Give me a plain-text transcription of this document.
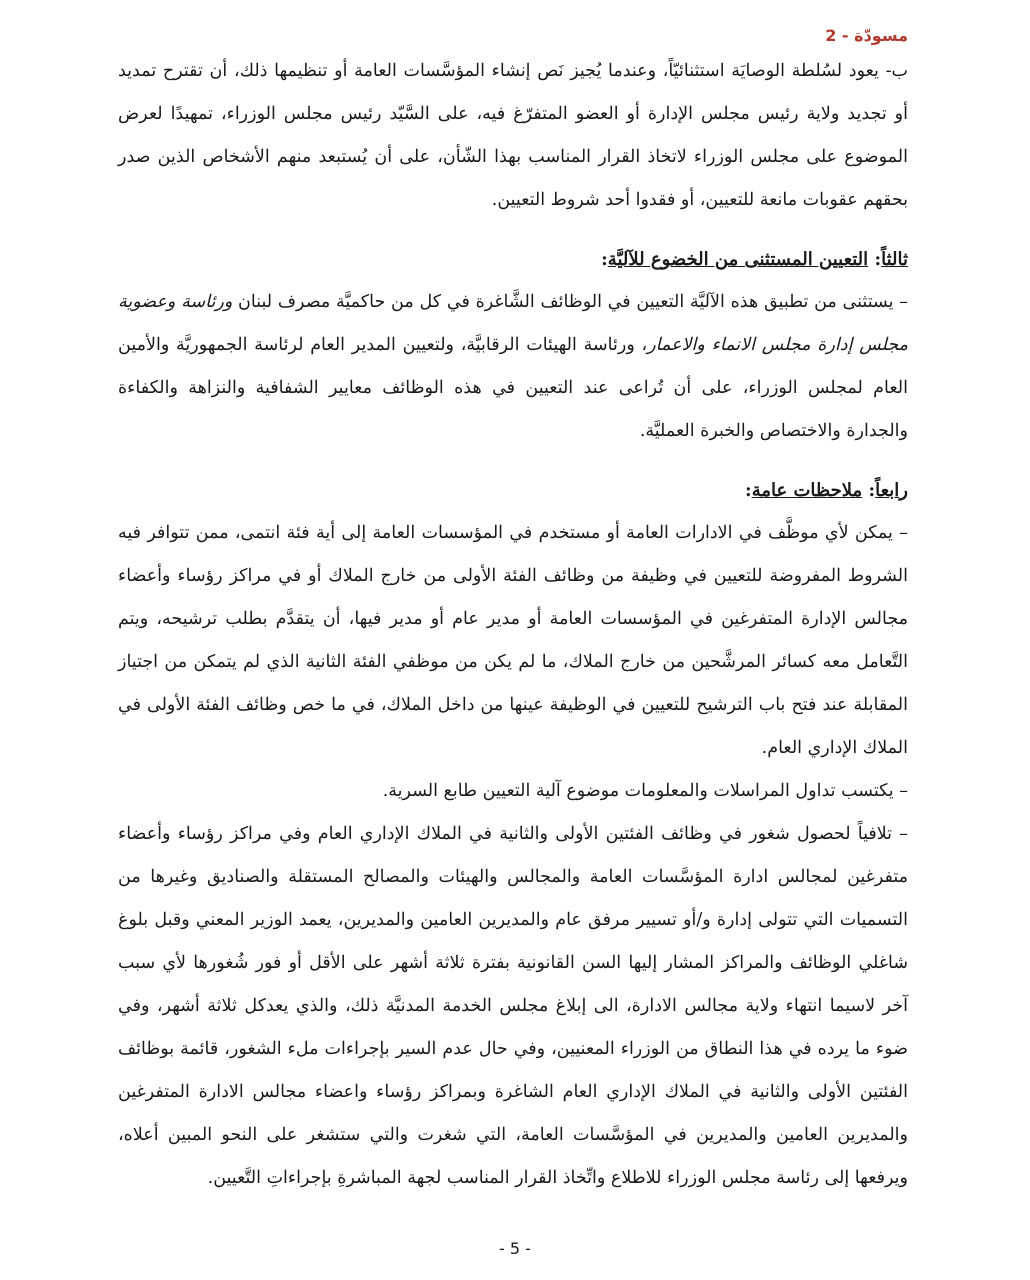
مسودّة - 2

ب- يعود لسُلطة الوصايَة استثنائيّاً، وعندما يُجيز نَص إنشاء المؤسَّسات العامة أو تنظيمها ذلك، أن تقترح تمديد أو تجديد ولاية رئيس مجلس الإدارة أو العضو المتفرّغ فيه، على السَّيّد رئيس مجلس الوزراء، تمهيدًا لعرض الموضوع على مجلس الوزراء لاتخاذ القرار المناسب بهذا الشّأن، على أن يُستبعد منهم الأشخاص الذين صدر بحقهم عقوبات مانعة للتعيين، أو فقدوا أحد شروط التعيين.

ثالثاً: التعيين المستثنى من الخضوع للآليَّة:

– يستثنى من تطبيق هذه الآليَّة التعيين في الوظائف الشَّاغرة في كل من حاكميَّة مصرف لبنان ورئاسة وعضوية مجلس إدارة مجلس الانماء والاعمار، ورئاسة الهيئات الرقابيَّة، ولتعيين المدير العام لرئاسة الجمهوريَّة والأمين العام لمجلس الوزراء، على أن تُراعى عند التعيين في هذه الوظائف معايير الشفافية والنزاهة والكفاءة والجدارة والاختصاص والخبرة العمليَّة.

رابعاً: ملاحظات عامة:

– يمكن لأي موظَّف في الادارات العامة أو مستخدم في المؤسسات العامة إلى أية فئة انتمى، ممن تتوافر فيه الشروط المفروضة للتعيين في وظيفة من وظائف الفئة الأولى من خارج الملاك أو في مراكز رؤساء وأعضاء مجالس الإدارة المتفرغين في المؤسسات العامة أو مدير عام أو مدير فيها، أن يتقدَّم بطلب ترشيحه، ويتم التَّعامل معه كسائر المرشَّحين من خارج الملاك، ما لم يكن من موظفي الفئة الثانية الذي لم يتمكن من اجتياز المقابلة عند فتح باب الترشيح للتعيين في الوظيفة عينها من داخل الملاك، في ما خص وظائف الفئة الأولى في الملاك الإداري العام.

– يكتسب تداول المراسلات والمعلومات موضوع آلية التعيين طابع السرية.

– تلافياً لحصول شغور في وظائف الفئتين الأولى والثانية في الملاك الإداري العام وفي مراكز رؤساء وأعضاء متفرغين لمجالس ادارة المؤسَّسات العامة والمجالس والهيئات والمصالح المستقلة والصناديق وغيرها من التسميات التي تتولى إدارة و/أو تسيير مرفق عام والمديرين العامين والمديرين، يعمد الوزير المعني وقبل بلوغ شاغلي الوظائف والمراكز المشار إليها السن القانونية بفترة ثلاثة أشهر على الأقل أو فور شُغورها لأي سبب آخر لاسيما انتهاء ولاية مجالس الادارة، الى إبلاغ مجلس الخدمة المدنيَّة ذلك، والذي يعدكل ثلاثة أشهر، وفي ضوء ما يرده في هذا النطاق من الوزراء المعنيين، وفي حال عدم السير بإجراءات ملء الشغور، قائمة بوظائف الفئتين الأولى والثانية في الملاك الإداري العام الشاغرة وبمراكز رؤساء واعضاء مجالس الادارة المتفرغين والمديرين العامين والمديرين في المؤسَّسات العامة، التي شغرت والتي ستشغر على النحو المبين أعلاه، ويرفعها إلى رئاسة مجلس الوزراء للاطلاع واتِّخاذ القرار المناسب لجهة المباشرةِ بإجراءاتِ التَّعيين.

- 5 -
